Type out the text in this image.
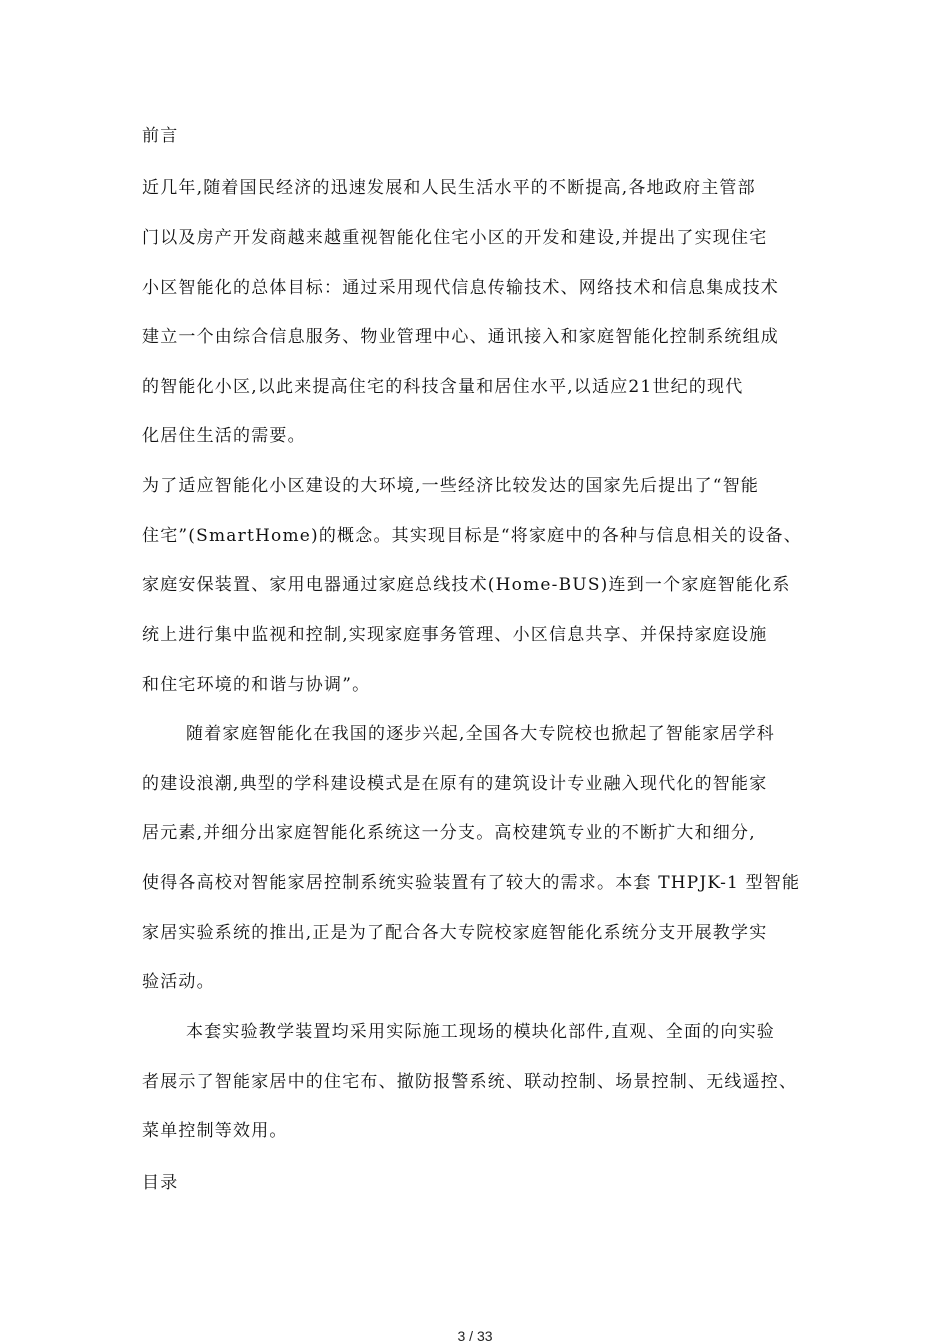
前言
近几年,随着国民经济的迅速发展和人民生活水平的不断提高,各地政府主管部
门以及房产开发商越来越重视智能化住宅小区的开发和建设,并提出了实现住宅
小区智能化的总体目标：通过采用现代信息传输技术、网络技术和信息集成技术
建立一个由综合信息服务、物业管理中心、通讯接入和家庭智能化控制系统组成
的智能化小区,以此来提高住宅的科技含量和居住水平,以适应21世纪的现代
化居住生活的需要。
为了适应智能化小区建设的大环境,一些经济比较发达的国家先后提出了“智能
住宅”(SmartHome)的概念。其实现目标是“将家庭中的各种与信息相关的设备、
家庭安保装置、家用电器通过家庭总线技术(Home-BUS)连到一个家庭智能化系
统上进行集中监视和控制,实现家庭事务管理、小区信息共享、并保持家庭设施
和住宅环境的和谐与协调”。
随着家庭智能化在我国的逐步兴起,全国各大专院校也掀起了智能家居学科
的建设浪潮,典型的学科建设模式是在原有的建筑设计专业融入现代化的智能家
居元素,并细分出家庭智能化系统这一分支。高校建筑专业的不断扩大和细分,
使得各高校对智能家居控制系统实验装置有了较大的需求。本套 THPJK-1 型智能
家居实验系统的推出,正是为了配合各大专院校家庭智能化系统分支开展教学实
验活动。
本套实验教学装置均采用实际施工现场的模块化部件,直观、全面的向实验
者展示了智能家居中的住宅布、撤防报警系统、联动控制、场景控制、无线遥控、
菜单控制等效用。
目录
3 / 33
